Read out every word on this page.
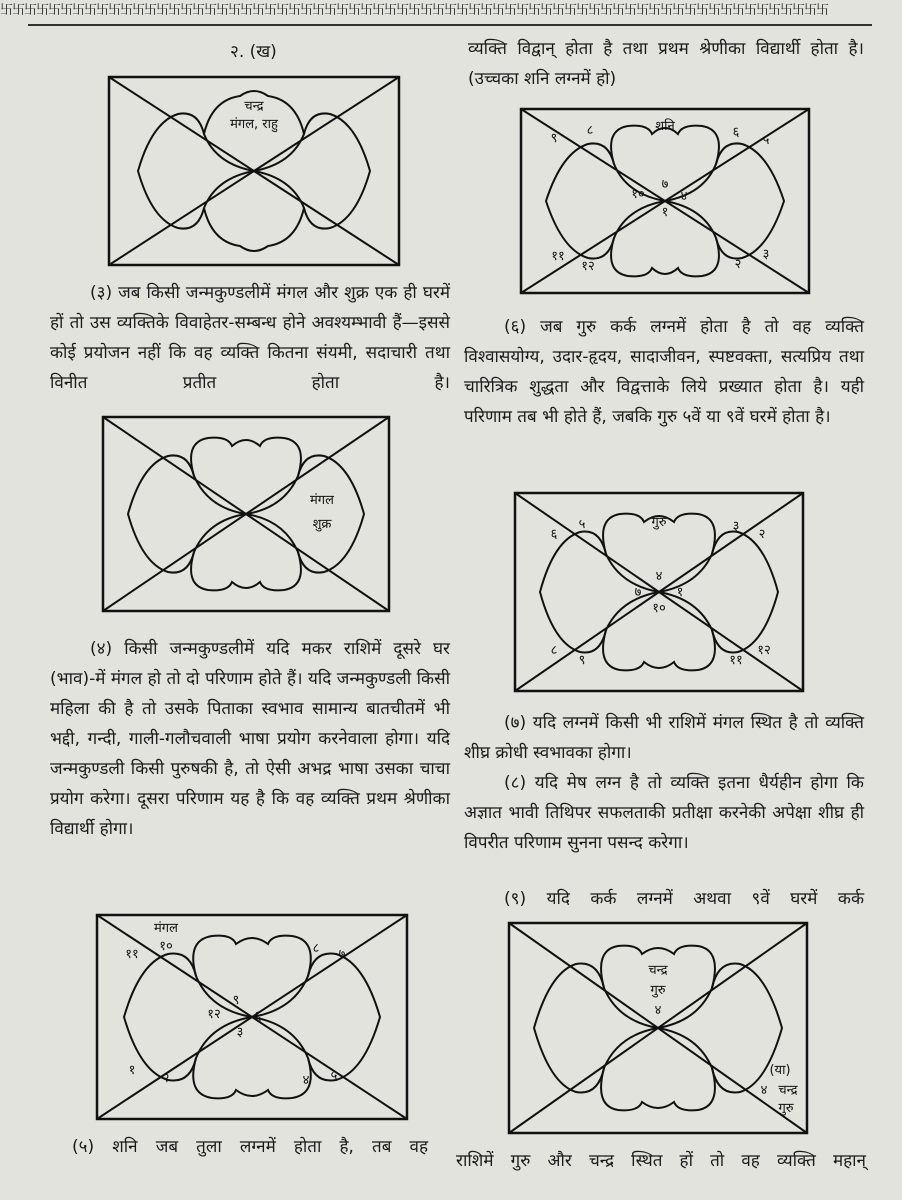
卐卐卐卐卐卐卐卐卐卐卐卐卐卐卐卐卐卐卐卐卐卐卐卐卐卐卐卐卐卐卐卐卐卐卐卐卐卐卐卐卐卐卐卐卐卐卐卐卐卐卐卐卐卐卐卐卐卐卐卐卐卐卐卐卐卐卐卐卐
२. (ख)
चन्द्र
मंगल, राहु

(३) जब किसी जन्मकुण्डलीमें मंगल और शुक्र एक ही घरमें हों तो उस व्यक्तिके विवाहेतर-सम्बन्ध होने अवश्यम्भावी हैं—इससे कोई प्रयोजन नहीं कि वह व्यक्ति कितना संयमी, सदाचारी तथा विनीत प्रतीत होता है।

मंगल
शुक्र

(४) किसी जन्मकुण्डलीमें यदि मकर राशिमें दूसरे घर (भाव)-में मंगल हो तो दो परिणाम होते हैं। यदि जन्मकुण्डली किसी महिला की है तो उसके पिताका स्वभाव सामान्य बातचीतमें भी भद्दी, गन्दी, गाली-गलौचवाली भाषा प्रयोग करनेवाला होगा। यदि जन्मकुण्डली किसी पुरुषकी है, तो ऐसी अभद्र भाषा उसका चाचा प्रयोग करेगा। दूसरा परिणाम यह है कि वह व्यक्ति प्रथम श्रेणीका विद्यार्थी होगा।

मंगल
१०
११
९
१२	६
३
८ ७
१
२	४ ५

(५) शनि जब तुला लग्नमें होता है, तब वह

व्यक्ति विद्वान् होता है तथा प्रथम श्रेणीका विद्यार्थी होता है। (उच्चका शनि लग्नमें हो)

शनि
९
८	६
५
१०
७
४
१
११
१२	२
३

(६) जब गुरु कर्क लग्नमें होता है तो वह व्यक्ति विश्वासयोग्य, उदार-हृदय, सादाजीवन, स्पष्टवक्ता, सत्यप्रिय तथा चारित्रिक शुद्धता और विद्वत्ताके लिये प्रख्यात होता है। यही परिणाम तब भी होते हैं, जबकि गुरु ५वें या ९वें घरमें होता है।

गुरु
६
५	३
२
४
७	१
१०
८
९	११
१२

(७) यदि लग्नमें किसी भी राशिमें मंगल स्थित है तो व्यक्ति शीघ्र क्रोधी स्वभावका होगा।

(८) यदि मेष लग्न है तो व्यक्ति इतना धैर्यहीन होगा कि अज्ञात भावी तिथिपर सफलताकी प्रतीक्षा करनेकी अपेक्षा शीघ्र ही विपरीत परिणाम सुनना पसन्द करेगा।

(९) यदि कर्क लग्नमें अथवा ९वें घरमें कर्क

चन्द्र
गुरु
४
(या)
४ चन्द्र
गुरु

राशिमें गुरु और चन्द्र स्थित हों तो वह व्यक्ति महान्
